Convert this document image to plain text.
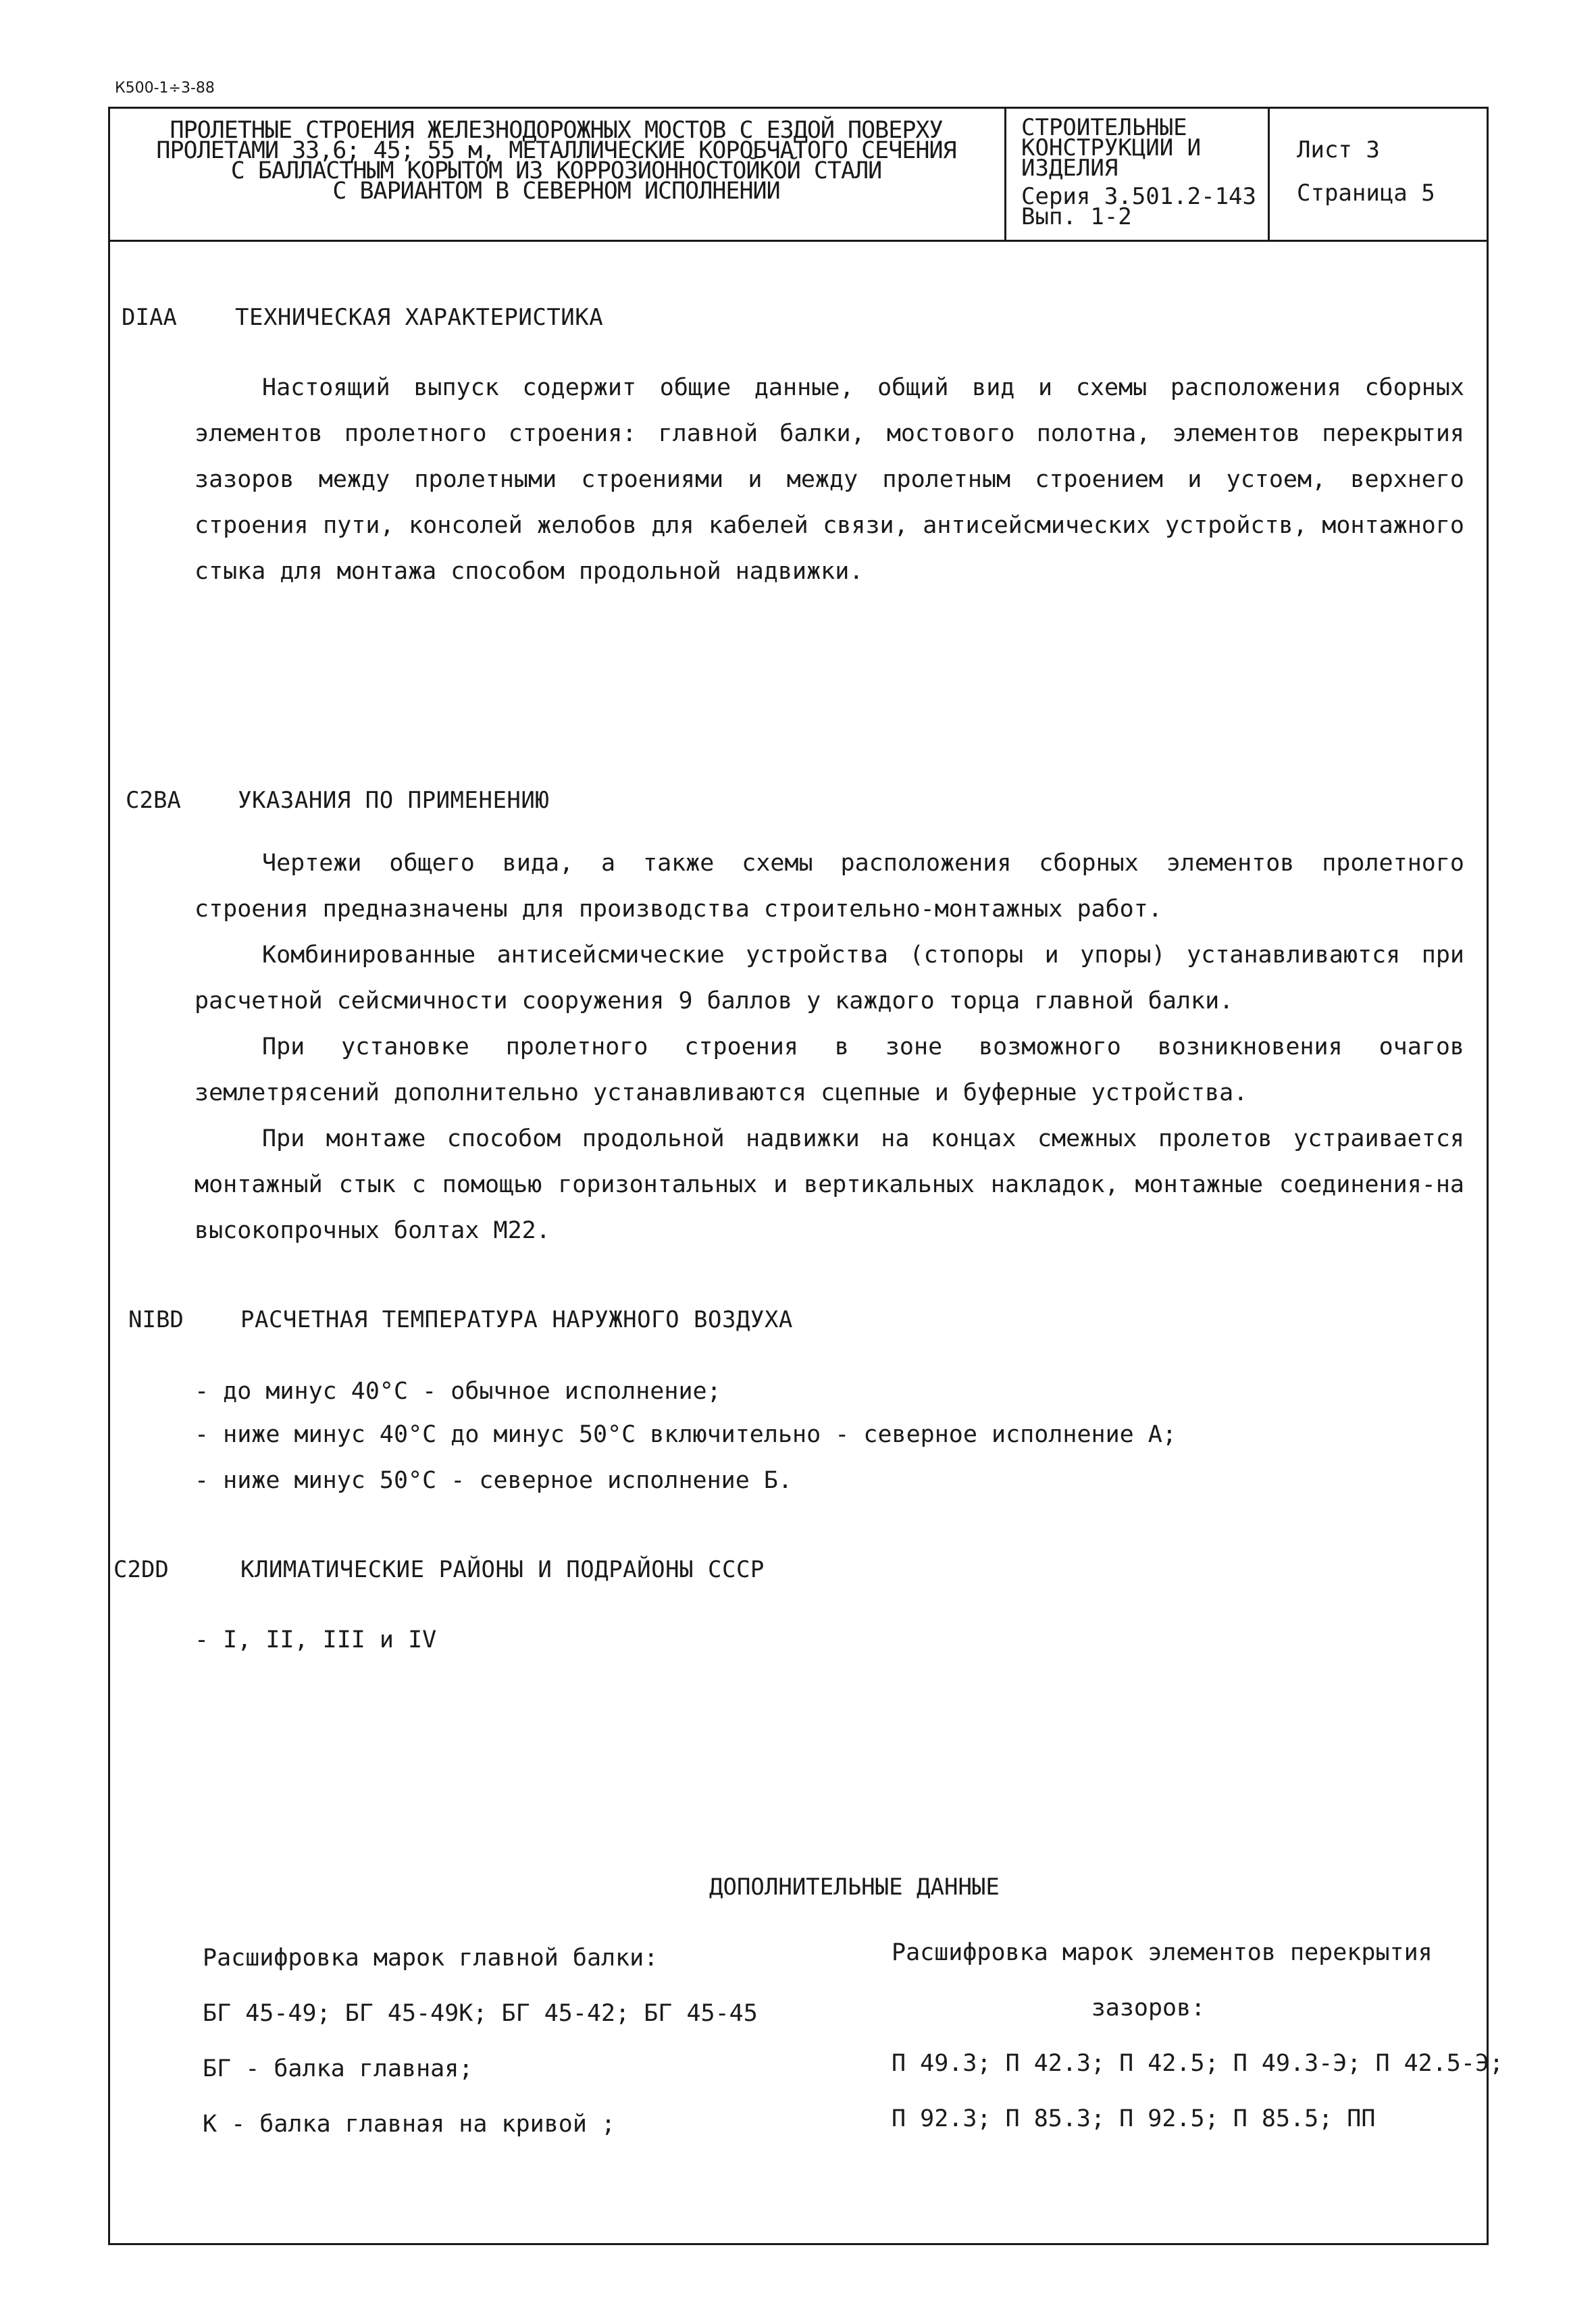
К500-1÷3-88
ПРОЛЕТНЫЕ СТРОЕНИЯ ЖЕЛЕЗНОДОРОЖНЫХ МОСТОВ С ЕЗДОЙ ПОВЕРХУ
ПРОЛЕТАМИ 33,6; 45; 55 м, МЕТАЛЛИЧЕСКИЕ КОРОБЧАТОГО СЕЧЕНИЯ
С БАЛЛАСТНЫМ КОРЫТОМ ИЗ КОРРОЗИОННОСТОЙКОЙ СТАЛИ
С ВАРИАНТОМ В СЕВЕРНОМ ИСПОЛНЕНИИ
СТРОИТЕЛЬНЫЕ
КОНСТРУКЦИИ И
ИЗДЕЛИЯ
Серия 3.501.2-143
Вып. 1-2
Лист 3
Страница 5
DIAA	ТЕХНИЧЕСКАЯ ХАРАКТЕРИСТИКА
Настоящий выпуск содержит общие данные, общий вид и схемы расположения сборных элементов пролетного строения: главной балки, мостового полотна, элементов перекрытия зазоров между пролетными строениями и между пролетным строением и устоем, верхнего строения пути, консолей желобов для кабелей связи, антисейсмических устройств, монтажного стыка для монтажа способом продольной надвижки.
C2BA УКАЗАНИЯ ПО ПРИМЕНЕНИЮ
Чертежи общего вида, а также схемы расположения сборных элементов пролетного строения предназначены для производства строительно-монтажных работ.
Комбинированные антисейсмические устройства (стопоры и упоры) устанавливаются при расчетной сейсмичности сооружения 9 баллов у каждого торца главной балки.
При установке пролетного строения в зоне возможного возникновения очагов землетрясений дополнительно устанавливаются сцепные и буферные устройства.
При монтаже способом продольной надвижки на концах смежных пролетов устраивается монтажный стык с помощью горизонтальных и вертикальных накладок, монтажные соединения-на высокопрочных болтах М22.
NIBD РАСЧЕТНАЯ ТЕМПЕРАТУРА НАРУЖНОГО ВОЗДУХА
- до минус 40°С - обычное исполнение;
- ниже минус 40°С до минус 50°С включительно - северное исполнение А;
- ниже минус 50°С - северное исполнение Б.
C2DD	КЛИМАТИЧЕСКИЕ РАЙОНЫ И ПОДРАЙОНЫ СССР
- I, II, III и IV
ДОПОЛНИТЕЛЬНЫЕ ДАННЫЕ
Расшифровка марок главной балки:
БГ 45-49; БГ 45-49К; БГ 45-42; БГ 45-45
БГ - балка главная;
К - балка главная на кривой ;
Расшифровка марок элементов перекрытия
зазоров:
П 49.3; П 42.3; П 42.5; П 49.3-Э; П 42.5-Э;
П 92.3; П 85.3; П 92.5; П 85.5; ПП
